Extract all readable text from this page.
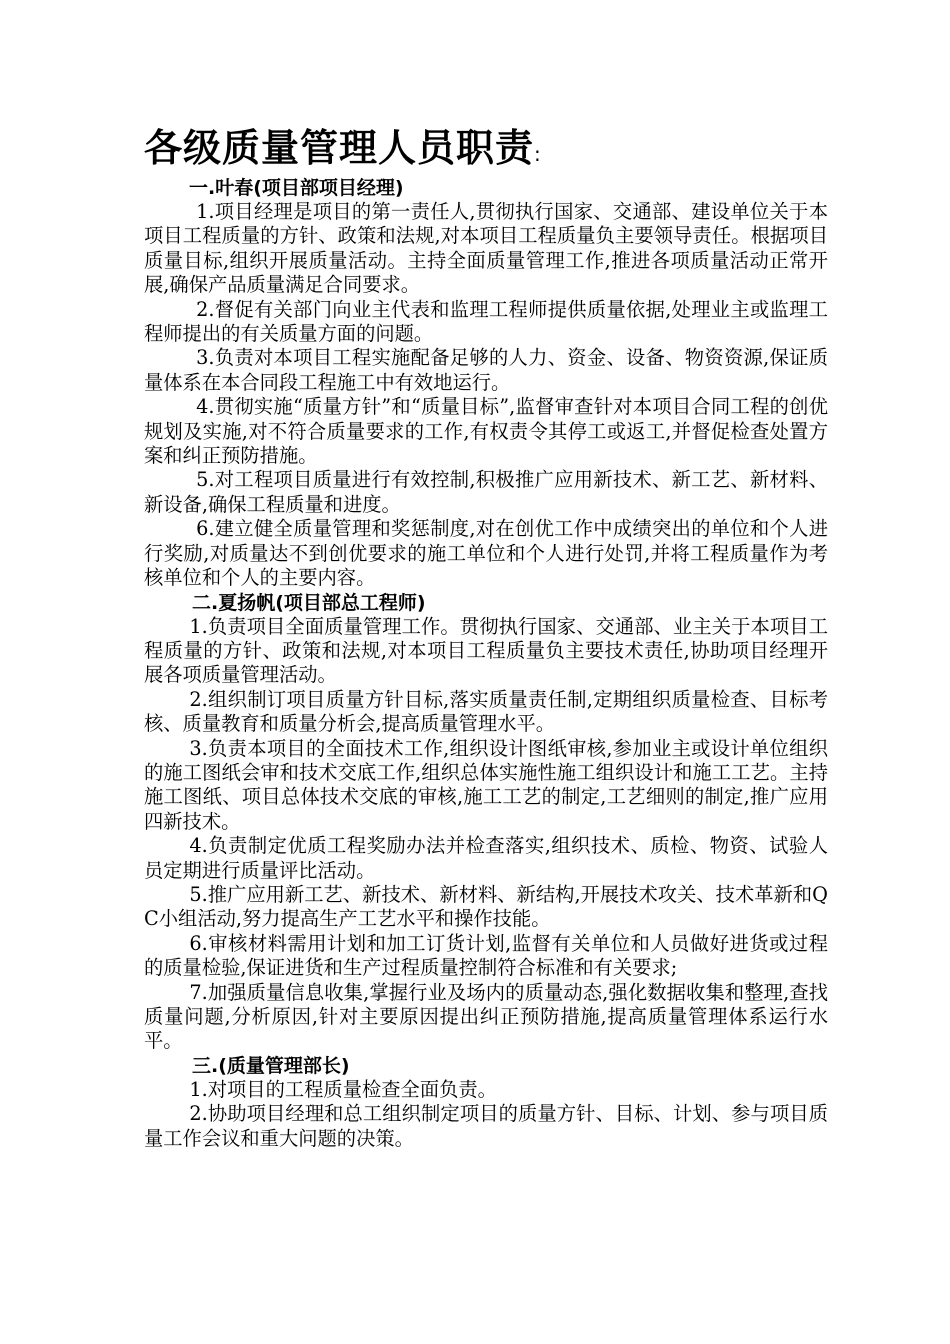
各级质量管理人员职责:
一.叶春(项目部项目经理)

1.项目经理是项目的第一责任人,贯彻执行国家、交通部、建设单位关于本项目工程质量的方针、政策和法规,对本项目工程质量负主要领导责任。根据项目质量目标,组织开展质量活动。主持全面质量管理工作,推进各项质量活动正常开展,确保产品质量满足合同要求。

2.督促有关部门向业主代表和监理工程师提供质量依据,处理业主或监理工程师提出的有关质量方面的问题。

3.负责对本项目工程实施配备足够的人力、资金、设备、物资资源,保证质量体系在本合同段工程施工中有效地运行。

4.贯彻实施“质量方针”和“质量目标”,监督审查针对本项目合同工程的创优规划及实施,对不符合质量要求的工作,有权责令其停工或返工,并督促检查处置方案和纠正预防措施。

5.对工程项目质量进行有效控制,积极推广应用新技术、新工艺、新材料、新设备,确保工程质量和进度。

6.建立健全质量管理和奖惩制度,对在创优工作中成绩突出的单位和个人进行奖励,对质量达不到创优要求的施工单位和个人进行处罚,并将工程质量作为考核单位和个人的主要内容。

二.夏扬帆(项目部总工程师)

1.负责项目全面质量管理工作。贯彻执行国家、交通部、业主关于本项目工程质量的方针、政策和法规,对本项目工程质量负主要技术责任,协助项目经理开展各项质量管理活动。

2.组织制订项目质量方针目标,落实质量责任制,定期组织质量检查、目标考核、质量教育和质量分析会,提高质量管理水平。

3.负责本项目的全面技术工作,组织设计图纸审核,参加业主或设计单位组织的施工图纸会审和技术交底工作,组织总体实施性施工组织设计和施工工艺。主持施工图纸、项目总体技术交底的审核,施工工艺的制定,工艺细则的制定,推广应用四新技术。

4.负责制定优质工程奖励办法并检查落实,组织技术、质检、物资、试验人员定期进行质量评比活动。

5.推广应用新工艺、新技术、新材料、新结构,开展技术攻关、技术革新和QC小组活动,努力提高生产工艺水平和操作技能。

6.审核材料需用计划和加工订货计划,监督有关单位和人员做好进货或过程的质量检验,保证进货和生产过程质量控制符合标准和有关要求;

7.加强质量信息收集,掌握行业及场内的质量动态,强化数据收集和整理,查找质量问题,分析原因,针对主要原因提出纠正预防措施,提高质量管理体系运行水平。

三.(质量管理部长)

1.对项目的工程质量检查全面负责。

2.协助项目经理和总工组织制定项目的质量方针、目标、计划、参与项目质量工作会议和重大问题的决策。
